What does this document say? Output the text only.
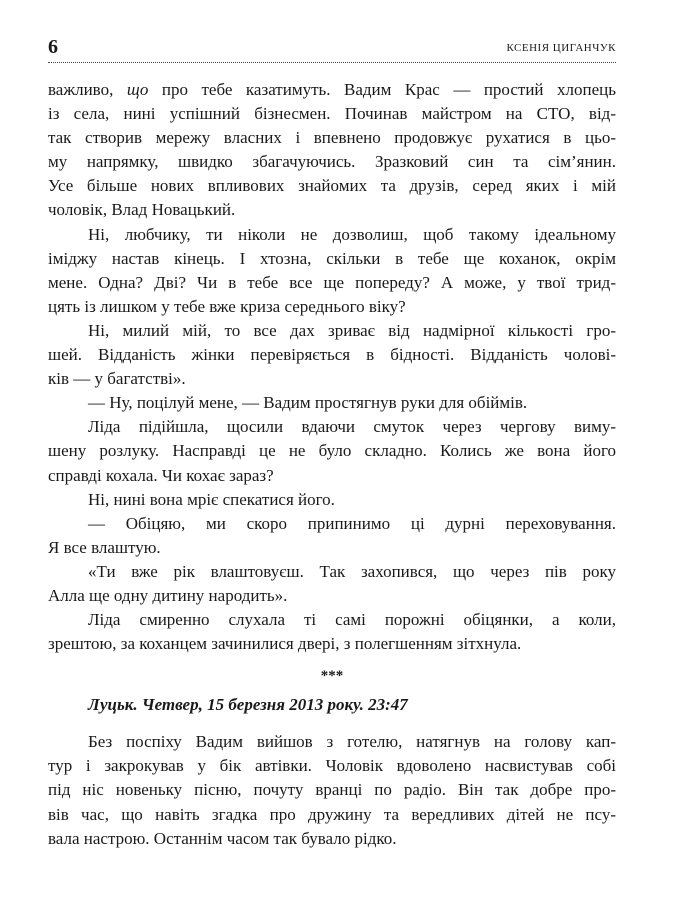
6	КСЕНІЯ ЦИГАНЧУК
важливо, що про тебе казатимуть. Вадим Крас — простий хлопець
із села, нині успішний бізнесмен. Починав майстром на СТО, від-
так створив мережу власних і впевнено продовжує рухатися в цьо-
му напрямку, швидко збагачуючись. Зразковий син та сім’янин.
Усе більше нових впливових знайомих та друзів, серед яких і мій
чоловік, Влад Новацький.
Ні, любчику, ти ніколи не дозволиш, щоб такому ідеальному
іміджу настав кінець. І хтозна, скільки в тебе ще коханок, окрім
мене. Одна? Дві? Чи в тебе все ще попереду? А може, у твої трид-
цять із лишком у тебе вже криза середнього віку?
Ні, милий мій, то все дах зриває від надмірної кількості гро-
шей. Відданість жінки перевіряється в бідності. Відданість чолові-
ків — у багатстві».
— Ну, поцілуй мене, — Вадим простягнув руки для обіймів.
Ліда підійшла, щосили вдаючи смуток через чергову виму-
шену розлуку. Насправді це не було складно. Колись же вона його
справді кохала. Чи кохає зараз?
Ні, нині вона мріє спекатися його.
— Обіцяю, ми скоро припинимо ці дурні переховування.
Я все влаштую.
«Ти вже рік влаштовуєш. Так захопився, що через пів року
Алла ще одну дитину народить».
Ліда смиренно слухала ті самі порожні обіцянки, а коли,
зрештою, за коханцем зачинилися двері, з полегшенням зітхнула.
***
Луцьк. Четвер, 15 березня 2013 року. 23:47
Без поспіху Вадим вийшов з готелю, натягнув на голову кап-
тур і закрокував у бік автівки. Чоловік вдоволено насвистував собі
під ніс новеньку пісню, почуту вранці по радіо. Він так добре про-
вів час, що навіть згадка про дружину та вередливих дітей не псу-
вала настрою. Останнім часом так бувало рідко.
